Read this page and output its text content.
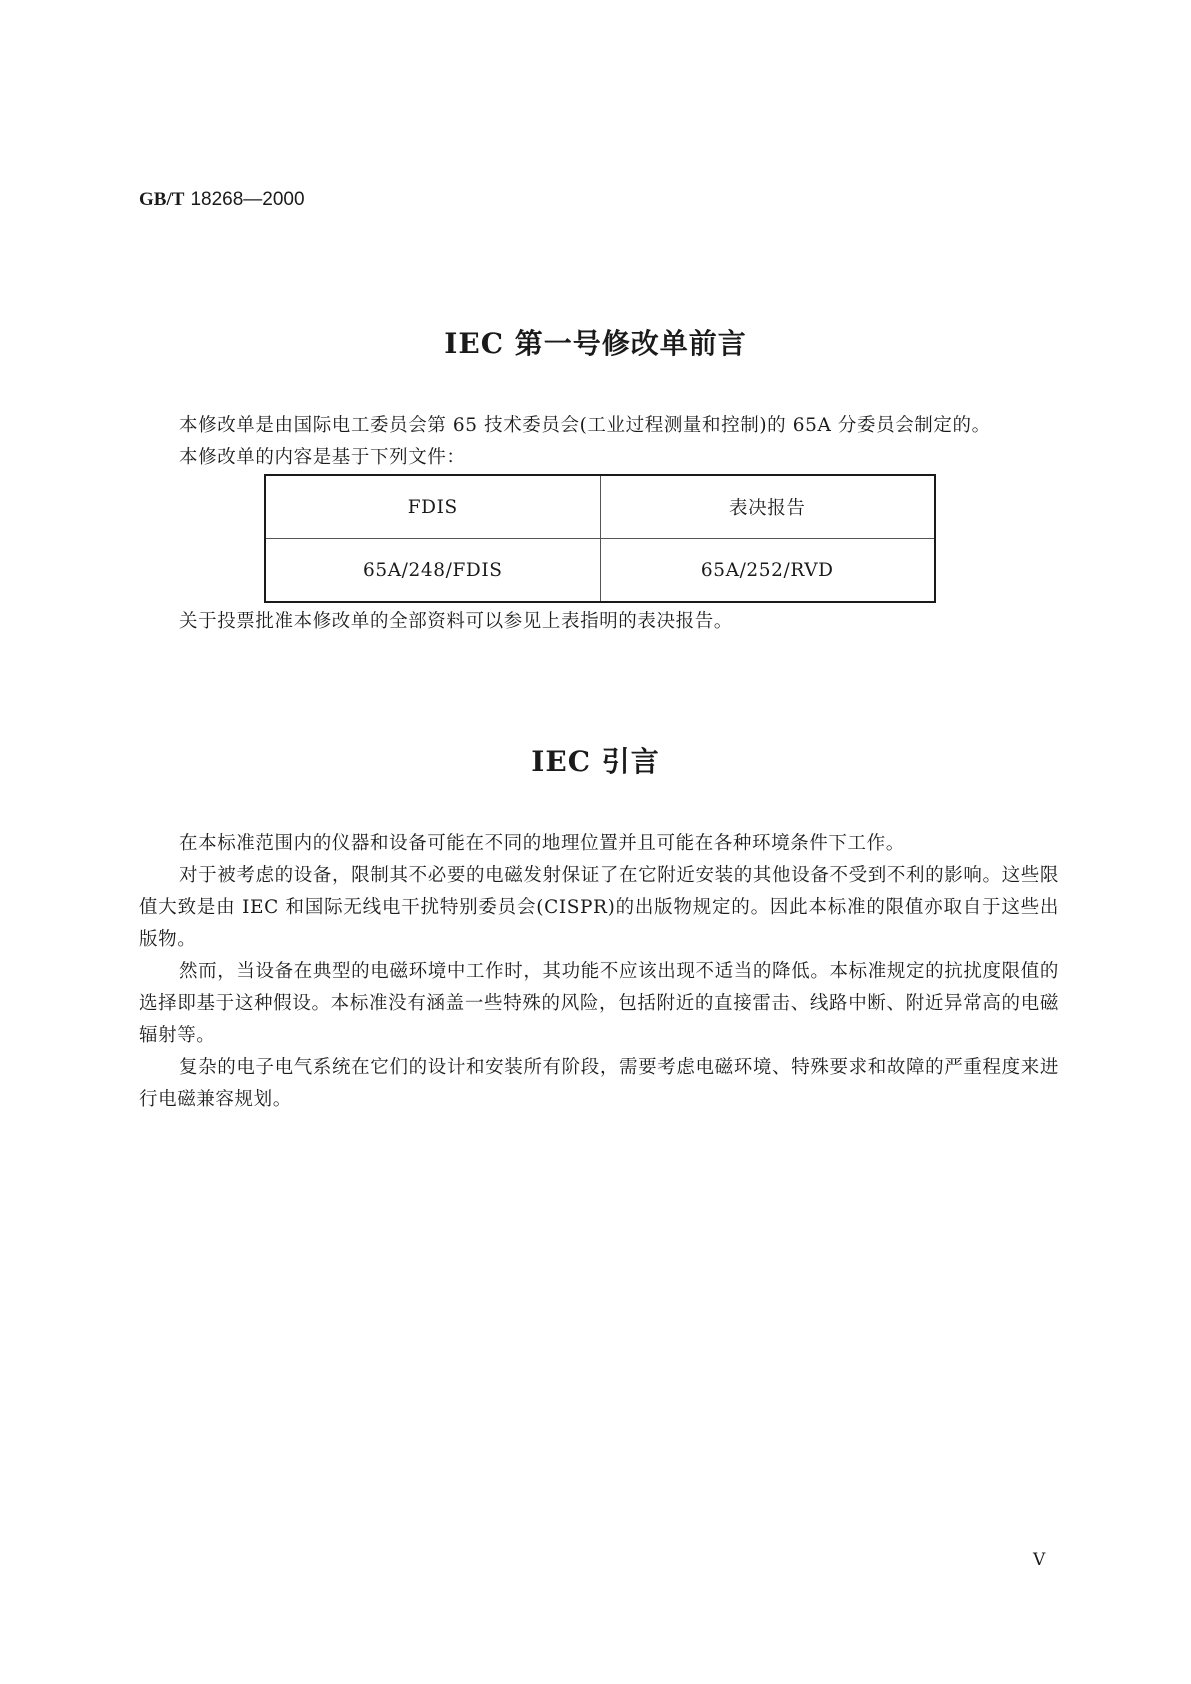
GB/T 18268—2000
IEC 第一号修改单前言
本修改单是由国际电工委员会第 65 技术委员会(工业过程测量和控制)的 65A 分委员会制定的。
本修改单的内容是基于下列文件：
FDIS	表决报告
65A/248/FDIS	65A/252/RVD
关于投票批准本修改单的全部资料可以参见上表指明的表决报告。
IEC 引言
在本标准范围内的仪器和设备可能在不同的地理位置并且可能在各种环境条件下工作。
对于被考虑的设备，限制其不必要的电磁发射保证了在它附近安装的其他设备不受到不利的影响。这些限值大致是由 IEC 和国际无线电干扰特别委员会(CISPR)的出版物规定的。因此本标准的限值亦取自于这些出版物。
然而，当设备在典型的电磁环境中工作时，其功能不应该出现不适当的降低。本标准规定的抗扰度限值的选择即基于这种假设。本标准没有涵盖一些特殊的风险，包括附近的直接雷击、线路中断、附近异常高的电磁辐射等。
复杂的电子电气系统在它们的设计和安装所有阶段，需要考虑电磁环境、特殊要求和故障的严重程度来进行电磁兼容规划。
V
